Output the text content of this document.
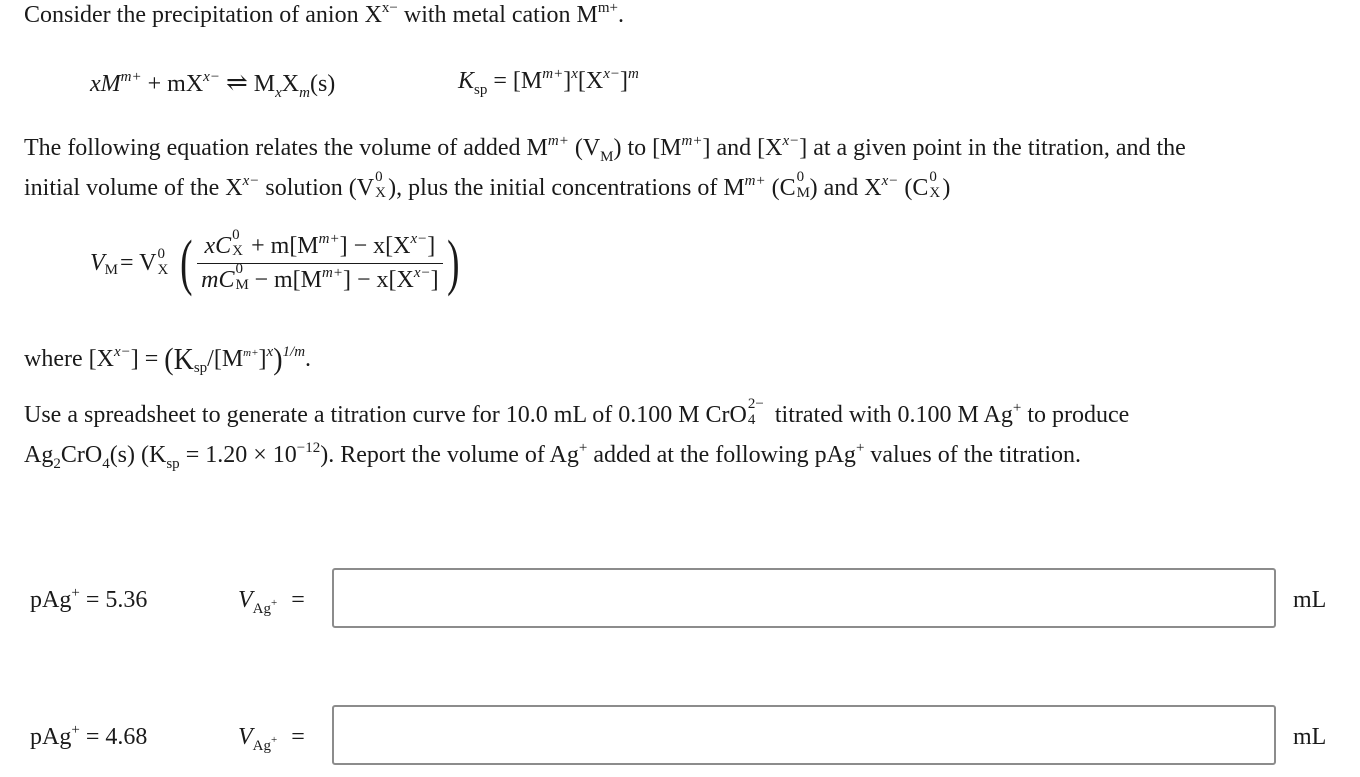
Consider the precipitation of anion $X^{x-}$ with metal cation $M^{m+}$.
$xM^{m+} + mX^{x-}$ ⇌ $M_xX_m(s)$	$K_{sp} = [M^{m+}]^x[X^{x-}]^m$
The following equation relates the volume of added $M^{m+}$ $(V_M)$ to $[M^{m+}]$ and $[X^{x-}]$ at a given point in the titration, and the
initial volume of the $X^{x-}$ solution (V 0
X ), plus the initial concentrations of $M^{m+}$ (C 0
M ) and $X^{x-}$ (C 0
X )
$V_M = V$ 0
X ( xC 0
$X + m[M^{m+}] - x[X^{x-}]$
mC 0
$M - m[M^{m+}] - x[X^{x-}]$ )
where $[X^{x-}] = (K_{sp}/[M^{m+}]^x)^{1/m}$.
Use a spreadsheet to generate a titration curve for 10.0 mL of 0.100 M CrO 2−
4 titrated with 0.100 M Ag+ to produce
$Ag_2CrO_4(s) (K_{sp} = 1.20 \times 10^{-12})$. Report the volume of Ag+ added at the following pAg+ values of the titration.
pAg+ = 5.36	$V_{Ag^+}$ =	mL
pAg+ = 4.68	$V_{Ag^+}$ =	mL
